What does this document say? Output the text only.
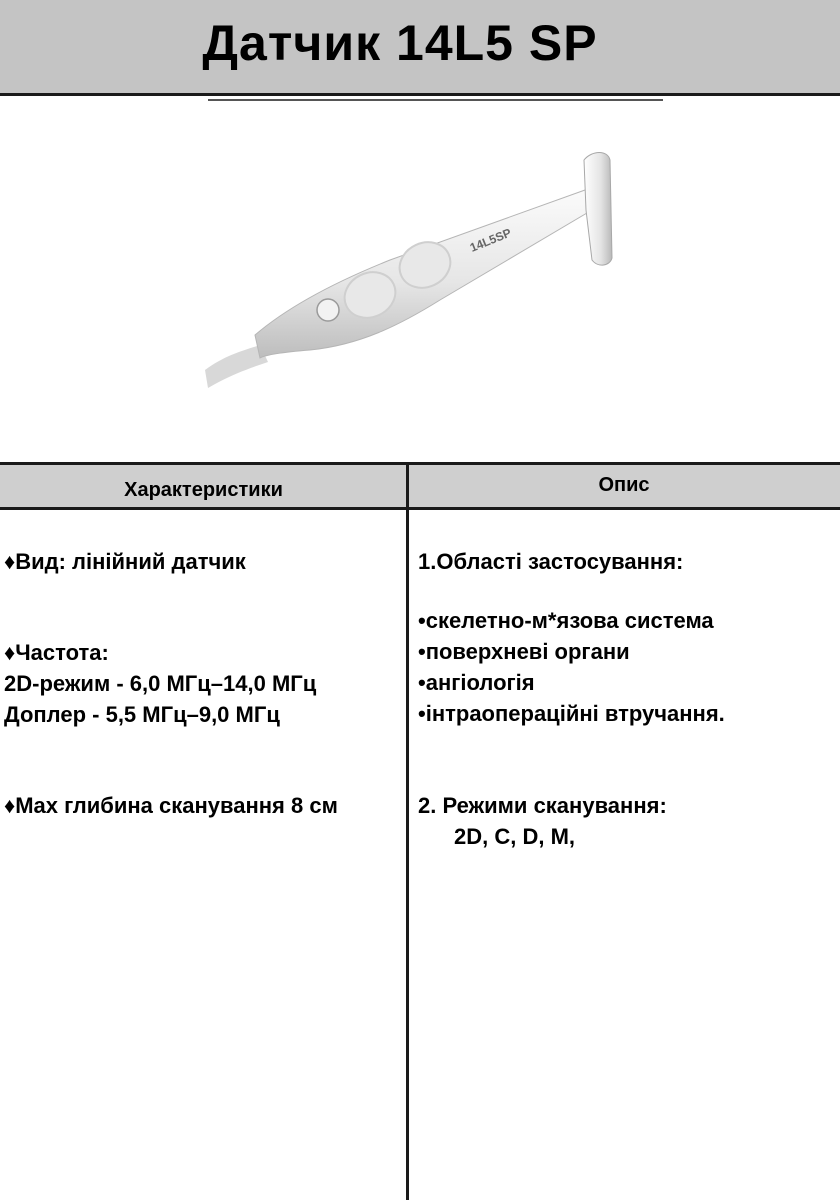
Датчик 14L5 SP
14L5SP
Характеристики	Опис
♦Вид: лінійний датчик
♦Частота:
2D-режим - 6,0 МГц–14,0 МГц
Доплер - 5,5 МГц–9,0 МГц
♦Max глибина сканування 8 см
1.Області застосування:
•скелетно-м*язова система
•поверхневі органи
•ангіологія
•інтраопераційні втручання.
2. Режими сканування:
2D, C, D, M,
